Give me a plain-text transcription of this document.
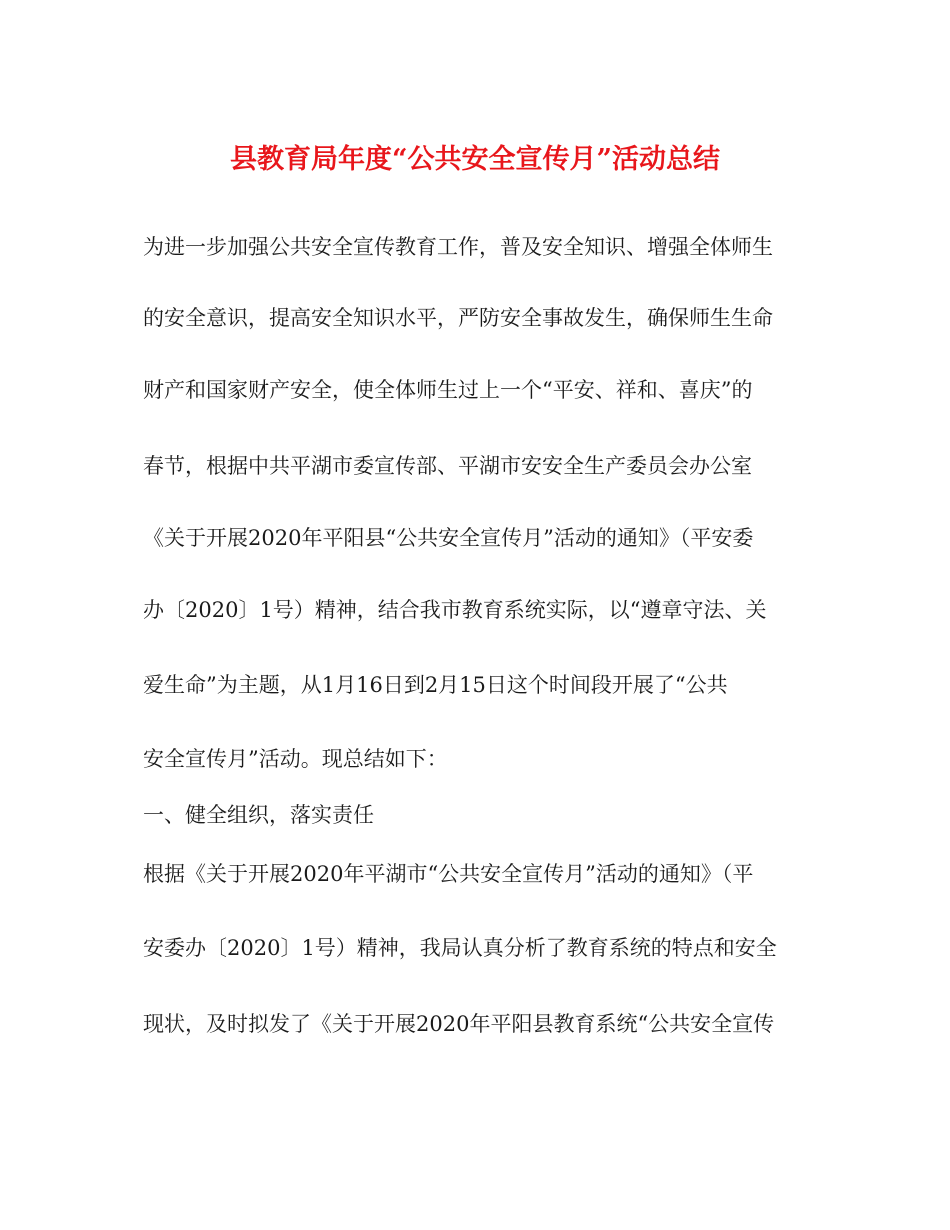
县教育局年度“公共安全宣传月”活动总结
为进一步加强公共安全宣传教育工作，普及安全知识、增强全体师生
的安全意识，提高安全知识水平，严防安全事故发生，确保师生生命
财产和国家财产安全，使全体师生过上一个“平安、祥和、喜庆”的
春节，根据中共平湖市委宣传部、平湖市安安全生产委员会办公室
《关于开展2020年平阳县“公共安全宣传月”活动的通知》（平安委
办〔2020〕1号）精神，结合我市教育系统实际，以“遵章守法、关
爱生命”为主题，从1月16日到2月15日这个时间段开展了“公共
安全宣传月”活动。现总结如下：
一、健全组织，落实责任
根据《关于开展2020年平湖市“公共安全宣传月”活动的通知》（平
安委办〔2020〕1号）精神，我局认真分析了教育系统的特点和安全
现状，及时拟发了《关于开展2020年平阳县教育系统“公共安全宣传
